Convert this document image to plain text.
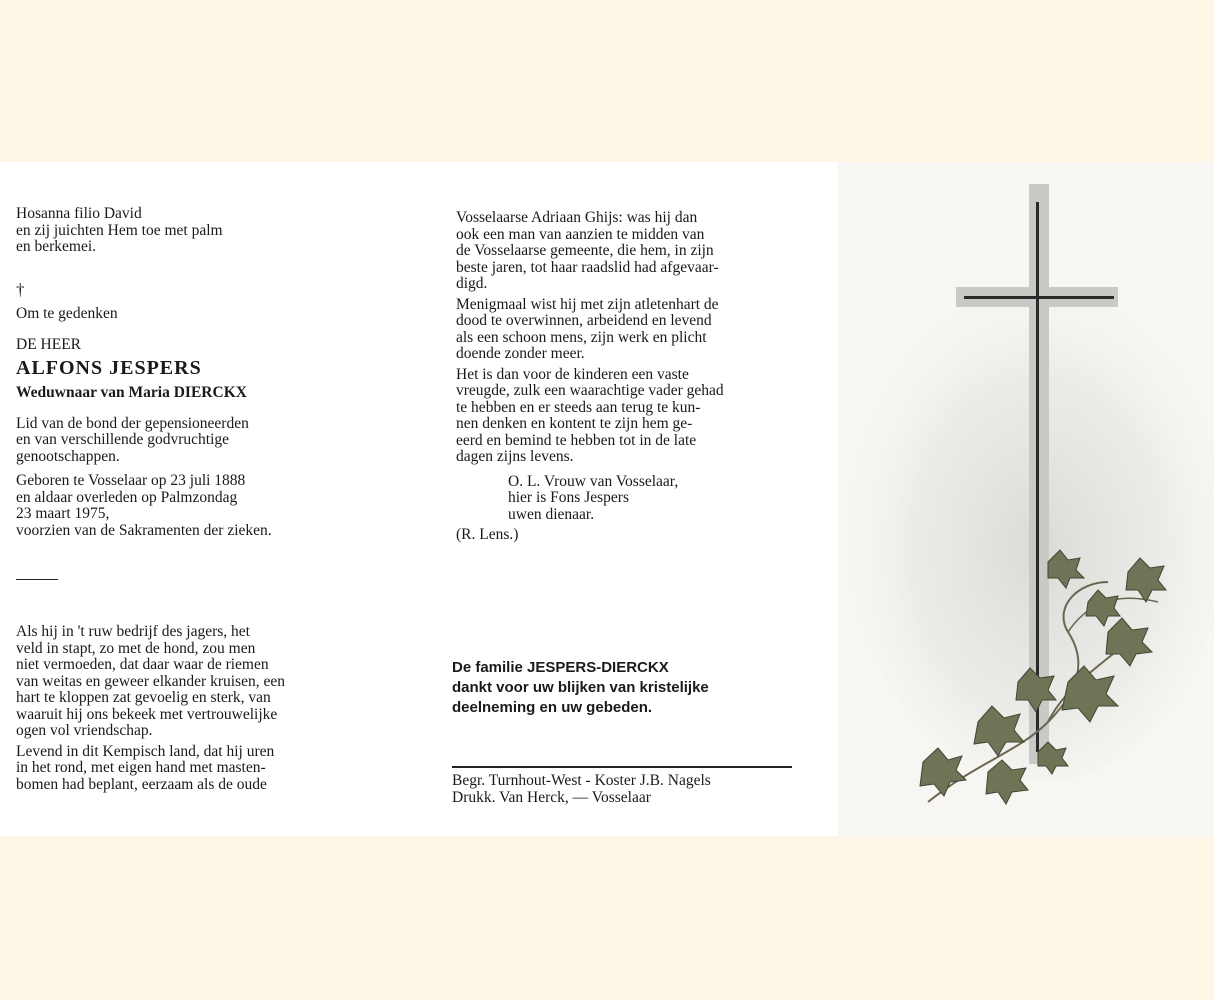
Hosanna filio David

en zij juichten Hem toe met palm

en berkemei.

†

Om te gedenken

DE HEER

ALFONS JESPERS

Weduwnaar van Maria DIERCKX

Lid van de bond der gepensioneerden

en van verschillende godvruchtige

genootschappen.

Geboren te Vosselaar op 23 juli 1888

en aldaar overleden op Palmzondag

23 maart 1975,

voorzien van de Sakramenten der zieken.

Als hij in 't ruw bedrijf des jagers, het

veld in stapt, zo met de hond, zou men

niet vermoeden, dat daar waar de riemen

van weitas en geweer elkander kruisen, een

hart te kloppen zat gevoelig en sterk, van

waaruit hij ons bekeek met vertrouwelijke

ogen vol vriendschap.

Levend in dit Kempisch land, dat hij uren

in het rond, met eigen hand met masten-

bomen had beplant, eerzaam als de oude

Vosselaarse Adriaan Ghijs: was hij dan

ook een man van aanzien te midden van

de Vosselaarse gemeente, die hem, in zijn

beste jaren, tot haar raadslid had afgevaar-

digd.

Menigmaal wist hij met zijn atletenhart de

dood te overwinnen, arbeidend en levend

als een schoon mens, zijn werk en plicht

doende zonder meer.

Het is dan voor de kinderen een vaste

vreugde, zulk een waarachtige vader gehad

te hebben en er steeds aan terug te kun-

nen denken en kontent te zijn hem ge-

eerd en bemind te hebben tot in de late

dagen zijns levens.

O. L. Vrouw van Vosselaar,

hier is Fons Jespers

uwen dienaar.

(R. Lens.)

De familie JESPERS-DIERCKX

dankt voor uw blijken van kristelijke

deelneming en uw gebeden.

Begr. Turnhout-West - Koster J.B. Nagels

Drukk. Van Herck, — Vosselaar
